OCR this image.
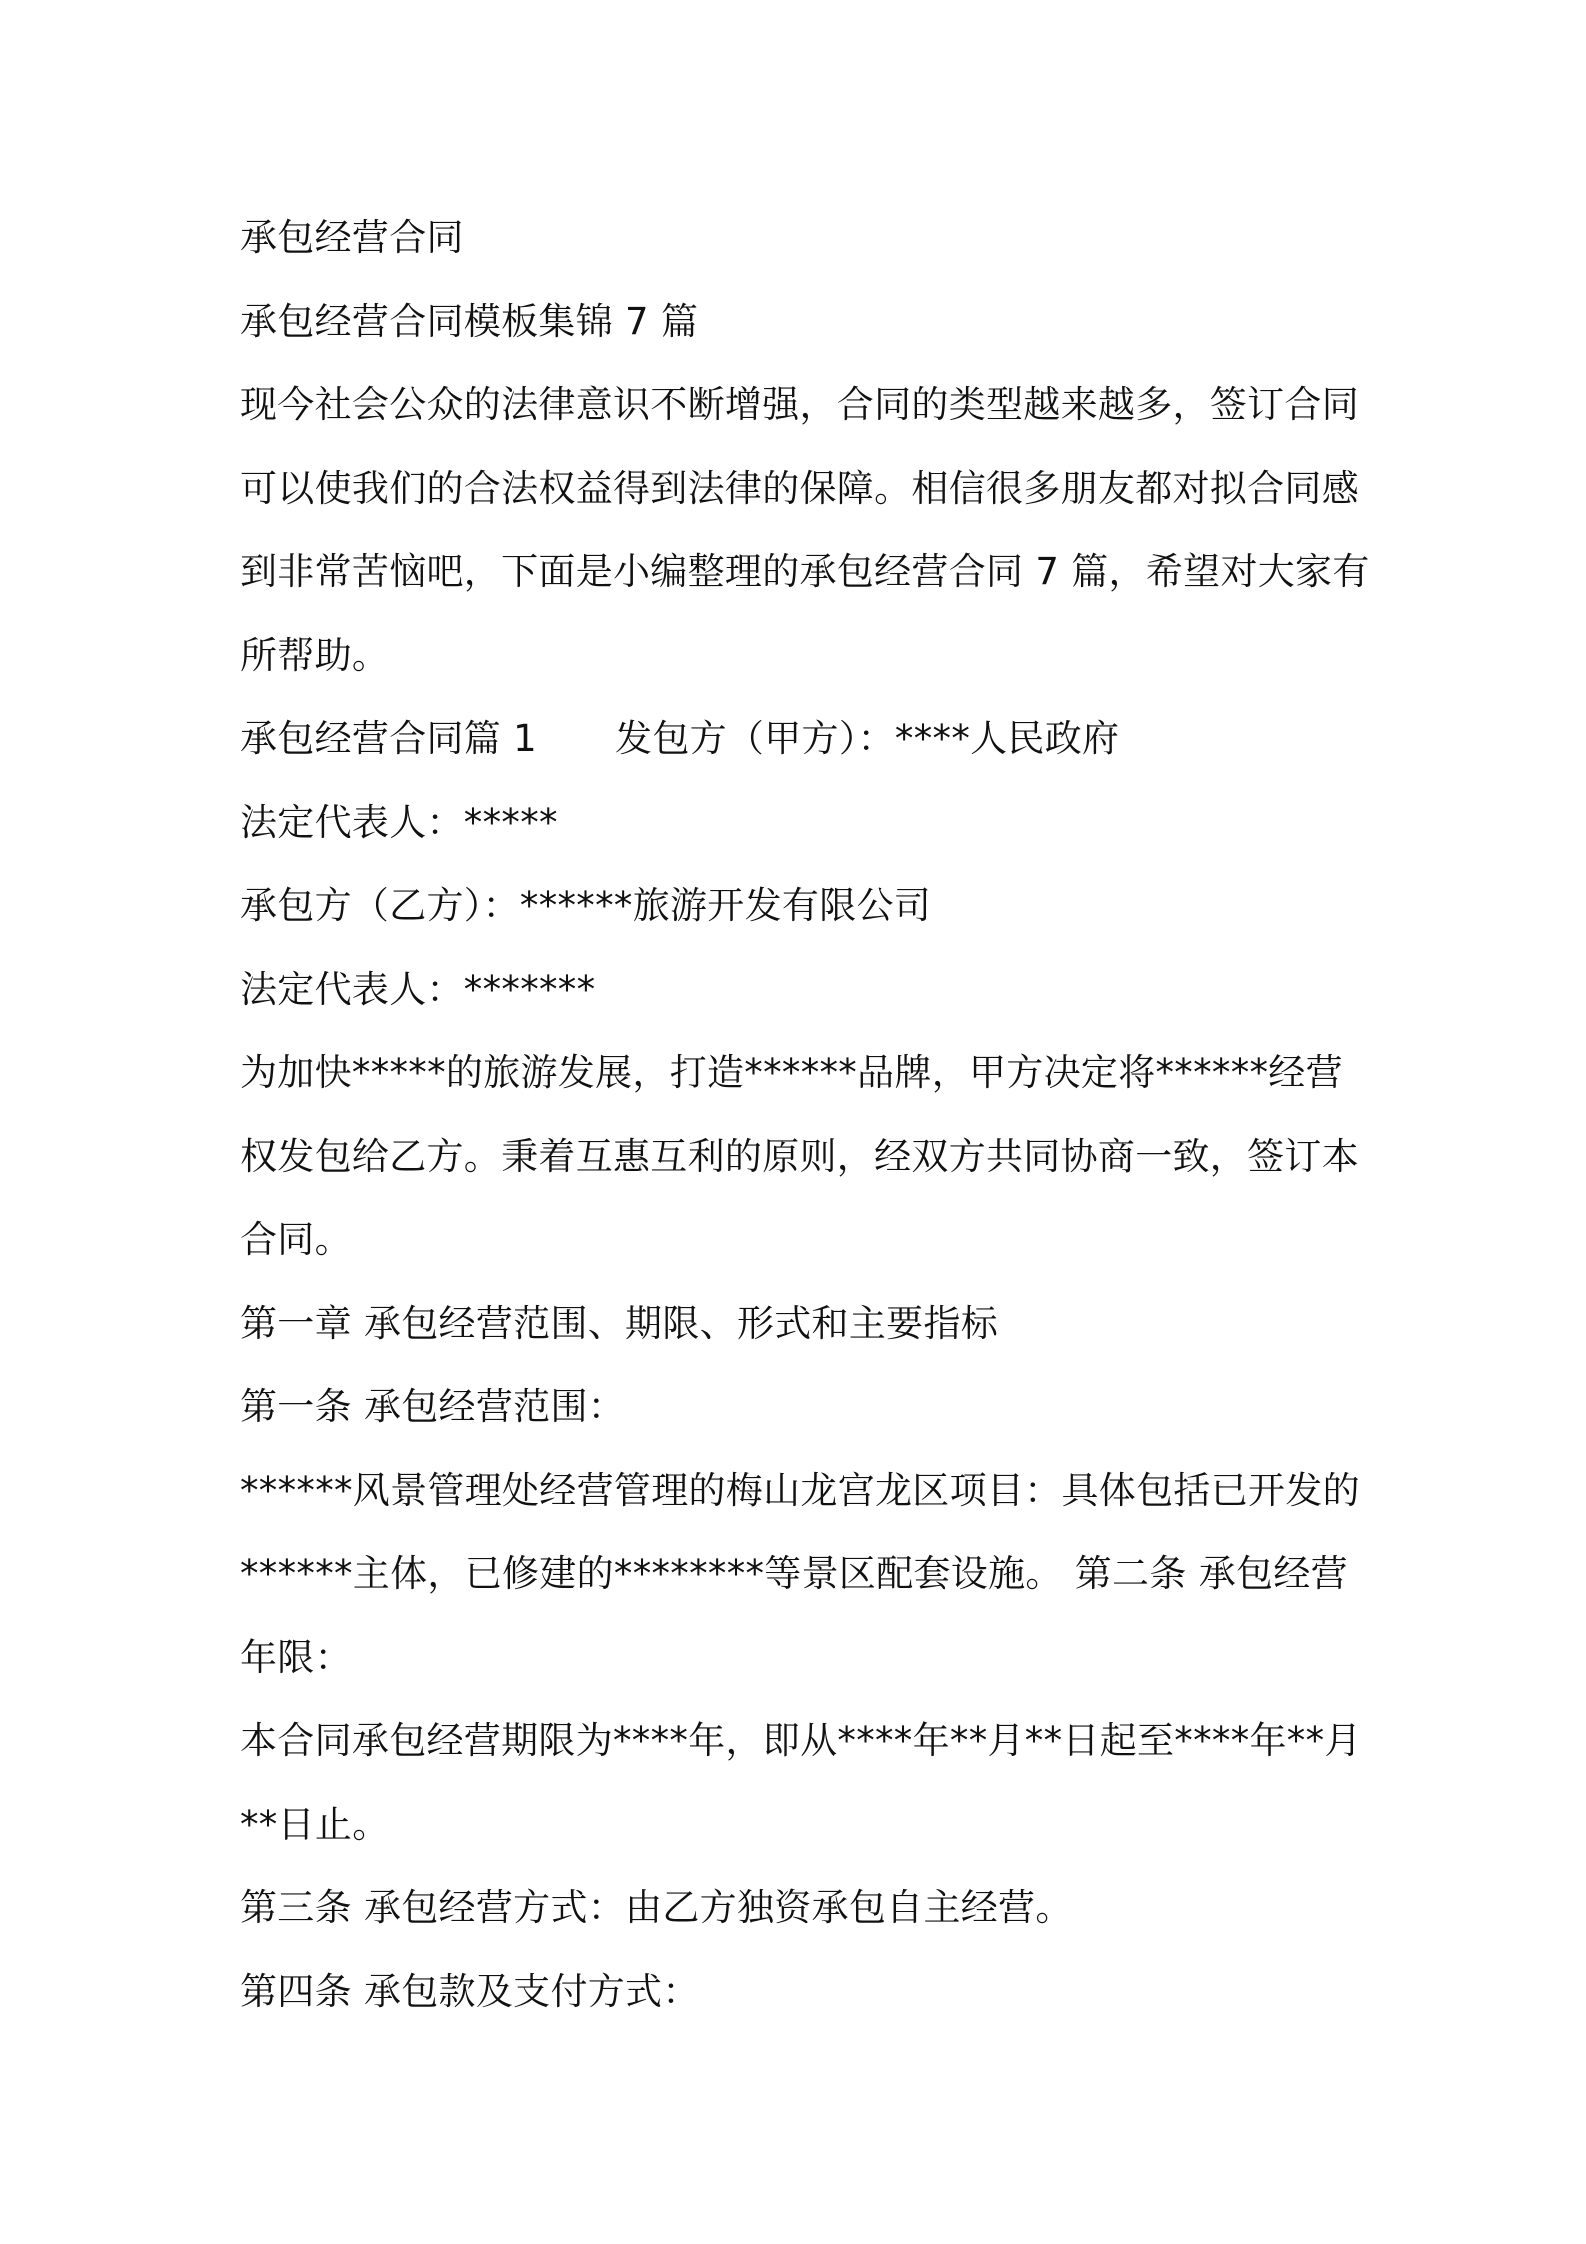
承包经营合同
承包经营合同模板集锦 7 篇
现今社会公众的法律意识不断增强，合同的类型越来越多，签订合同
可以使我们的合法权益得到法律的保障。相信很多朋友都对拟合同感
到非常苦恼吧，下面是小编整理的承包经营合同 7 篇，希望对大家有
所帮助。
承包经营合同篇 1 发包方（甲方）：****人民政府
法定代表人：*****
承包方（乙方）：******旅游开发有限公司
法定代表人：*******
为加快*****的旅游发展，打造******品牌，甲方决定将******经营
权发包给乙方。秉着互惠互利的原则，经双方共同协商一致，签订本
合同。
第一章 承包经营范围、期限、形式和主要指标
第一条 承包经营范围：
******风景管理处经营管理的梅山龙宫龙区项目：具体包括已开发的
******主体，已修建的********等景区配套设施。 第二条 承包经营
年限：
本合同承包经营期限为****年，即从****年**月**日起至****年**月
**日止。
第三条 承包经营方式：由乙方独资承包自主经营。
第四条 承包款及支付方式：
